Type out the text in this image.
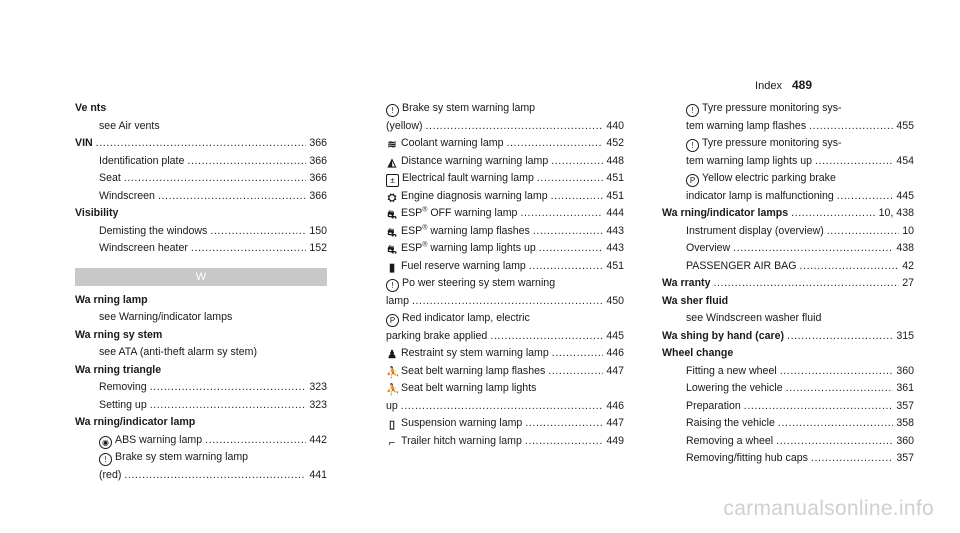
Index 489
Ve nts
see Air vents
VIN .....	366
Identification plate .....	366
Seat .....	366
Windscreen .....	366
Visibility
Demisting the windows .....	150
Windscreen heater .....	152
W
Wa rning lamp
see Warning/indicator lamps
Wa rning sy stem
see ATA (anti-theft alarm sy stem)
Wa rning triangle
Removing .....	323
Setting up .....	323
Wa rning/indicator lamp
◉ ABS warning lamp .....	442
! Brake sy stem warning lamp
(red) .....	441
! Brake sy stem warning lamp
(yellow) .....	440
≋ Coolant warning lamp .....	452
◭ Distance warning warning lamp .....	448
± Electrical fault warning lamp .....	451
⛭ Engine diagnosis warning lamp .....	451
⛐ ESP® OFF warning lamp .....	444
⛐ ESP® warning lamp flashes .....	443
⛐ ESP® warning lamp lights up .....	443
▮ Fuel reserve warning lamp .....	451
! Po wer steering sy stem warning
lamp .....	450
P Red indicator lamp, electric
parking brake applied .....	445
♟ Restraint sy stem warning lamp .....	446
⛹Seat belt warning lamp flashes .....	447
⛹Seat belt warning lamp lights
up .....	446
▯ Suspension warning lamp .....	447
⌐ Trailer hitch warning lamp .....	449
! Tyre pressure monitoring sys-
tem warning lamp flashes .....	455
! Tyre pressure monitoring sys-
tem warning lamp lights up .....	454
P Yellow electric parking brake
indicator lamp is malfunctioning .....	445
Wa rning/indicator lamps .....	10, 438
Instrument display (overview) .....	10
Overview .....	438
PASSENGER AIR BAG .....	42
Wa rranty .....	27
Wa sher fluid
see Windscreen washer fluid
Wa shing by hand (care) .....	315
Wheel change
Fitting a new wheel .....	360
Lowering the vehicle .....	361
Preparation .....	357
Raising the vehicle .....	358
Removing a wheel .....	360
Removing/fitting hub caps .....	357
carmanualsonline.info
